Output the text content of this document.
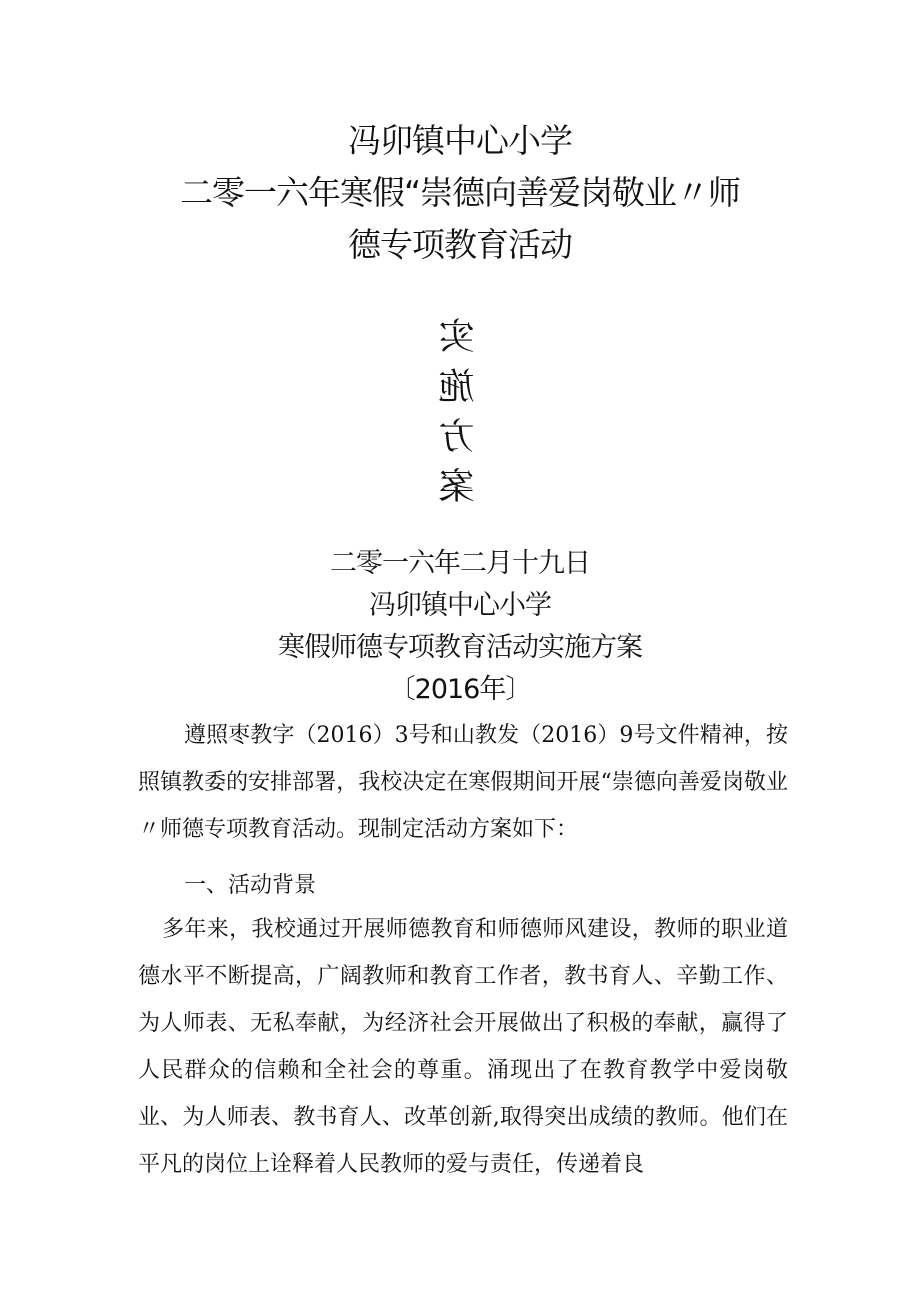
冯卯镇中心小学
二零一六年寒假“崇德向善爱岗敬业〃师
德专项教育活动
实施方案
二零一六年二月十九日
冯卯镇中心小学
寒假师德专项教育活动实施方案
〔2016年〕
遵照枣教字（2016）3号和山教发（2016）9号文件精神，按照镇教委的安排部署，我校决定在寒假期间开展“崇德向善爱岗敬业〃师德专项教育活动。现制定活动方案如下：
一、活动背景
多年来，我校通过开展师德教育和师德师风建设，教师的职业道德水平不断提高，广阔教师和教育工作者，教书育人、辛勤工作、为人师表、无私奉献，为经济社会开展做出了积极的奉献，赢得了人民群众的信赖和全社会的尊重。涌现出了在教育教学中爱岗敬业、为人师表、教书育人、改革创新,取得突出成绩的教师。他们在平凡的岗位上诠释着人民教师的爱与责任，传递着良
